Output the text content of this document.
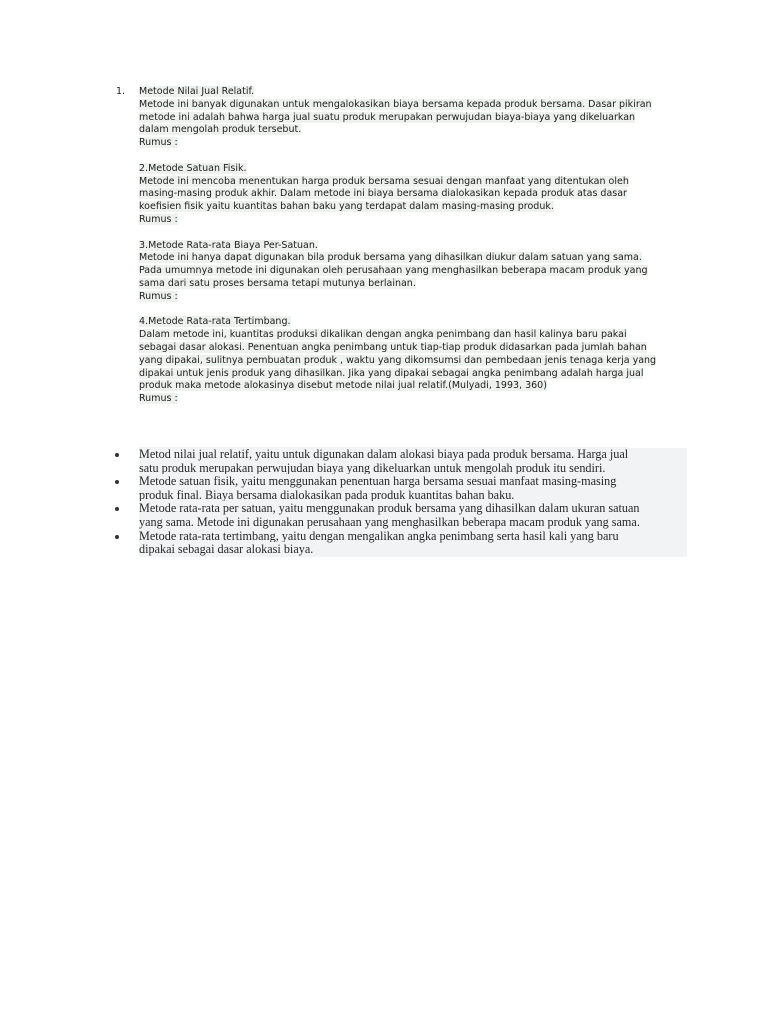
1.	Metode Nilai Jual Relatif.
Metode ini banyak digunakan untuk mengalokasikan biaya bersama kepada produk bersama. Dasar pikiran
metode ini adalah bahwa harga jual suatu produk merupakan perwujudan biaya-biaya yang dikeluarkan
dalam mengolah produk tersebut.
Rumus :
2.Metode Satuan Fisik.
Metode ini mencoba menentukan harga produk bersama sesuai dengan manfaat yang ditentukan oleh
masing-masing produk akhir. Dalam metode ini biaya bersama dialokasikan kepada produk atas dasar
koefisien fisik yaitu kuantitas bahan baku yang terdapat dalam masing-masing produk.
Rumus :
3.Metode Rata-rata Biaya Per-Satuan.
Metode ini hanya dapat digunakan bila produk bersama yang dihasilkan diukur dalam satuan yang sama.
Pada umumnya metode ini digunakan oleh perusahaan yang menghasilkan beberapa macam produk yang
sama dari satu proses bersama tetapi mutunya berlainan.
Rumus :
4.Metode Rata-rata Tertimbang.
Dalam metode ini, kuantitas produksi dikalikan dengan angka penimbang dan hasil kalinya baru pakai
sebagai dasar alokasi. Penentuan angka penimbang untuk tiap-tiap produk didasarkan pada jumlah bahan
yang dipakai, sulitnya pembuatan produk , waktu yang dikomsumsi dan pembedaan jenis tenaga kerja yang
dipakai untuk jenis produk yang dihasilkan. Jika yang dipakai sebagai angka penimbang adalah harga jual
produk maka metode alokasinya disebut metode nilai jual relatif.(Mulyadi, 1993, 360)
Rumus :
Metod nilai jual relatif, yaitu untuk digunakan dalam alokasi biaya pada produk bersama. Harga jual
satu produk merupakan perwujudan biaya yang dikeluarkan untuk mengolah produk itu sendiri.
Metode satuan fisik, yaitu menggunakan penentuan harga bersama sesuai manfaat masing-masing
produk final. Biaya bersama dialokasikan pada produk kuantitas bahan baku.
Metode rata-rata per satuan, yaitu menggunakan produk bersama yang dihasilkan dalam ukuran satuan
yang sama. Metode ini digunakan perusahaan yang menghasilkan beberapa macam produk yang sama.
Metode rata-rata tertimbang, yaitu dengan mengalikan angka penimbang serta hasil kali yang baru
dipakai sebagai dasar alokasi biaya.
